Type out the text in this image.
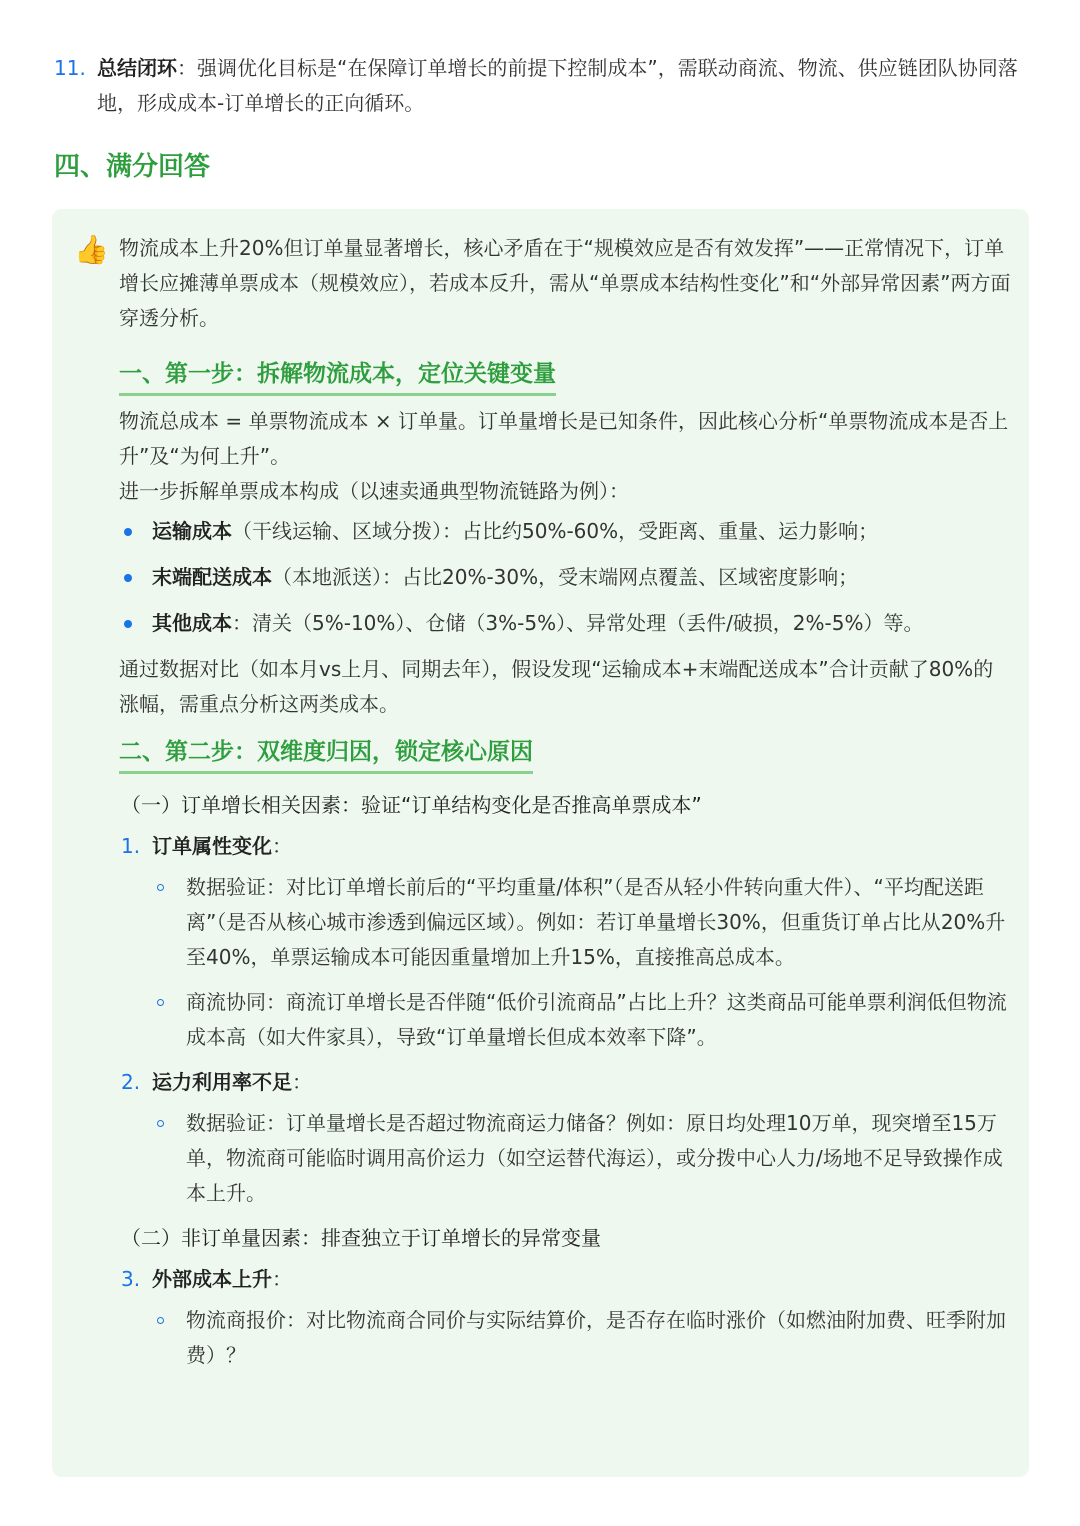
11. 总结闭环：强调优化目标是“在保障订单增长的前提下控制成本”，需联动商流、物流、供应链团队协同落地，形成成本-订单增长的正向循环。
四、满分回答
👍 物流成本上升20%但订单量显著增长，核心矛盾在于“规模效应是否有效发挥”——正常情况下，订单增长应摊薄单票成本（规模效应），若成本反升，需从“单票成本结构性变化”和“外部异常因素”两方面穿透分析。

一、第一步：拆解物流成本，定位关键变量

物流总成本 = 单票物流成本 × 订单量。订单量增长是已知条件，因此核心分析“单票物流成本是否上升”及“为何上升”。

进一步拆解单票成本构成（以速卖通典型物流链路为例）：

运输成本（干线运输、区域分拨）：占比约50%-60%，受距离、重量、运力影响；
末端配送成本（本地派送）：占比20%-30%，受末端网点覆盖、区域密度影响；
其他成本：清关（5%-10%）、仓储（3%-5%）、异常处理（丢件/破损，2%-5%）等。

通过数据对比（如本月vs上月、同期去年），假设发现“运输成本+末端配送成本”合计贡献了80%的涨幅，需重点分析这两类成本。

二、第二步：双维度归因，锁定核心原因

（一）订单增长相关因素：验证“订单结构变化是否推高单票成本”

1. 订单属性变化：
数据验证：对比订单增长前后的“平均重量/体积”（是否从轻小件转向重大件）、“平均配送距离”（是否从核心城市渗透到偏远区域）。例如：若订单量增长30%，但重货订单占比从20%升至40%，单票运输成本可能因重量增加上升15%，直接推高总成本。
商流协同：商流订单增长是否伴随“低价引流商品”占比上升？这类商品可能单票利润低但物流成本高（如大件家具），导致“订单量增长但成本效率下降”。
2. 运力利用率不足：
数据验证：订单量增长是否超过物流商运力储备？例如：原日均处理10万单，现突增至15万单，物流商可能临时调用高价运力（如空运替代海运），或分拨中心人力/场地不足导致操作成本上升。

（二）非订单量因素：排查独立于订单增长的异常变量

3. 外部成本上升：
物流商报价：对比物流商合同价与实际结算价，是否存在临时涨价（如燃油附加费、旺季附加费）？
